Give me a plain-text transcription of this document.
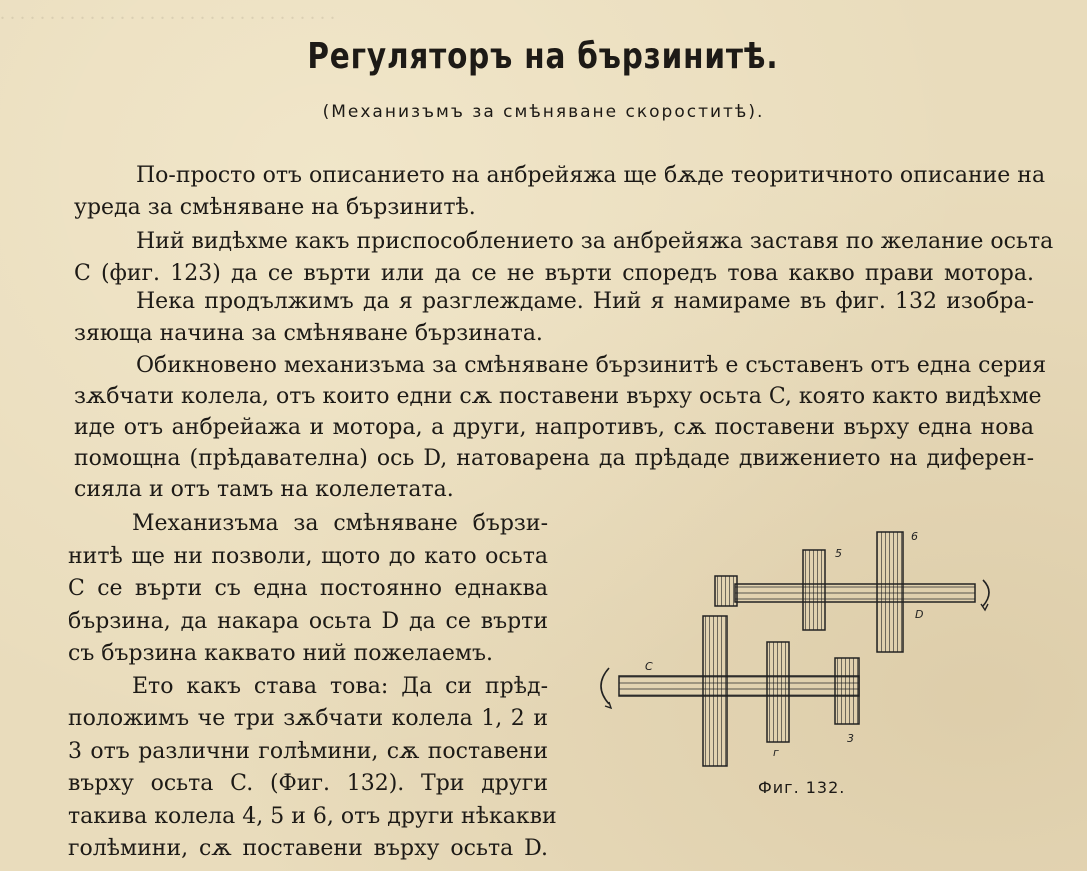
. . . . . . . . . . . . . . . . . . . . . . . . . . . . . . . . . .
Регуляторъ на бързинитѣ.
(Механизъмъ за смѣняване скороститѣ).
По-просто отъ описанието на анбрейяжа ще бѫде теоритичното описание на
уреда за смѣняване на бързинитѣ.
Ний видѣхме какъ приспособлението за анбрейяжа заставя по желание осьта
C (фиг. 123) да се върти или да се не върти споредъ това какво прави мотора.
Нека продължимъ да я разглеждаме. Ний я намираме въ фиг. 132 изобра-
зяюща начина за смѣняване бързината.
Обикновено механизъма за смѣняване бързинитѣ е съставенъ отъ една серия
зѫбчати колела, отъ които едни сѫ поставени върху осьта C, която както видѣхме
иде отъ анбрейажа и мотора, а други, напротивъ, сѫ поставени върху една нова
помощна (прѣдавателна) ось D, натоварена да прѣдаде движението на диферен-
сияла и отъ тамъ на колелетата.
Механизъма за смѣняване бързи-
нитѣ ще ни позволи, щото до като осьта
C се върти съ една постоянно еднаква
бързина, да накара осьта D да се върти
съ бързина каквато ний пожелаемъ.
Ето какъ става това: Да си прѣд-
положимъ че три зѫбчати колела 1, 2 и
3 отъ различни голѣмини, сѫ поставени
върху осьта C. (Фиг. 132). Три други
такива колела 4, 5 и 6, отъ други нѣкакви
голѣмини, сѫ поставени върху осьта D.
5
6
D
C
г
3
Фиг. 132.
